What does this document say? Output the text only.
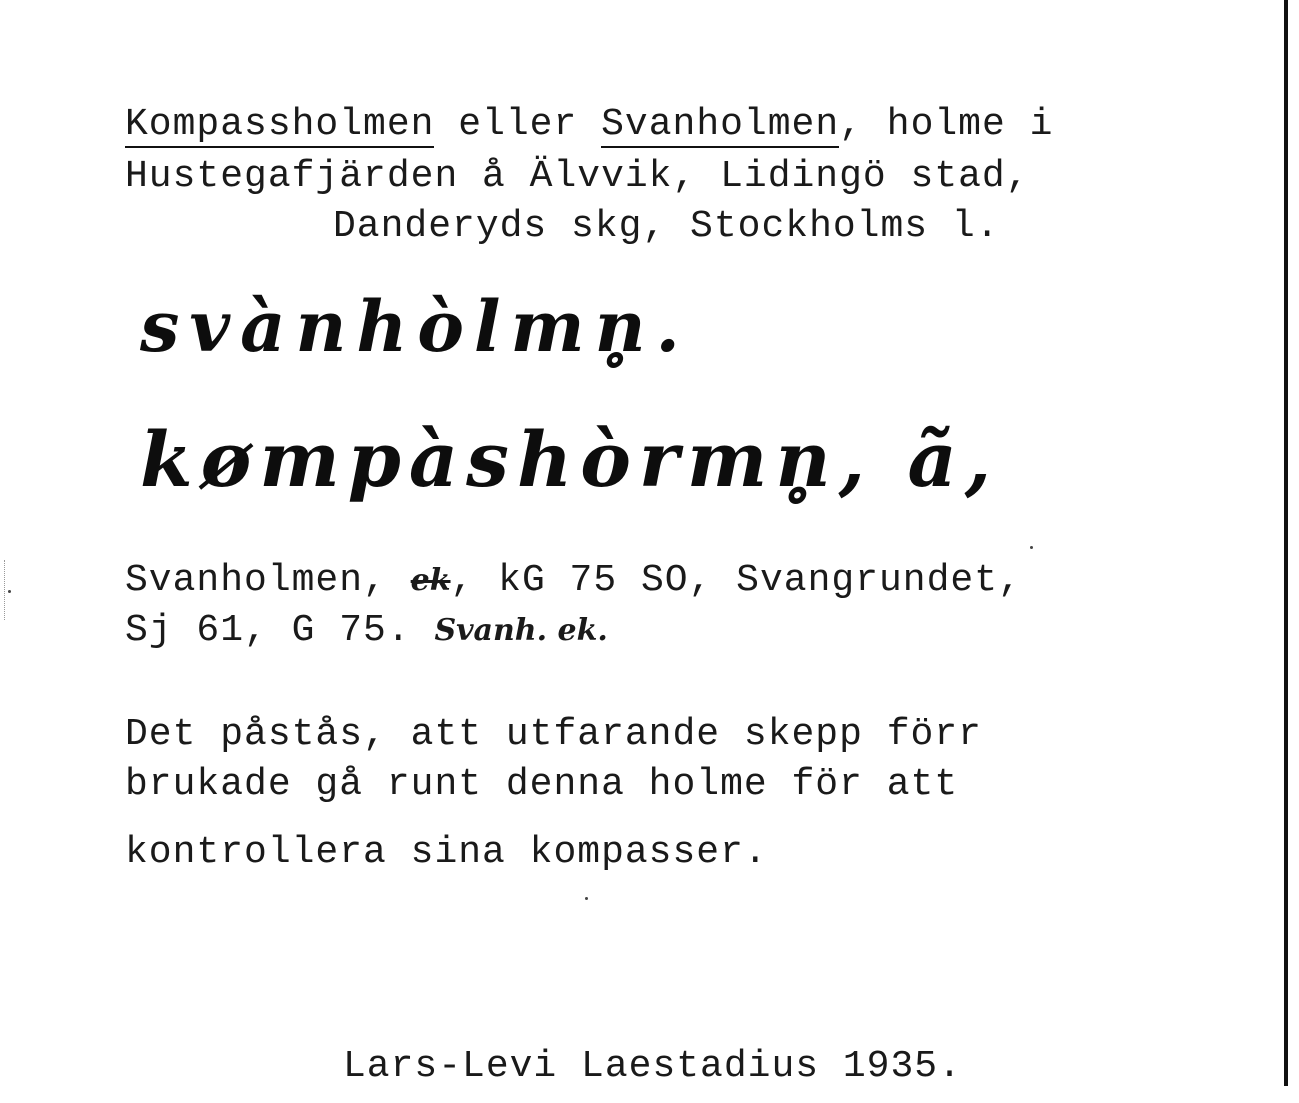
Kompassholmen eller Svanholmen, holme i
Hustegafjärden å Älvvik, Lidingö stad,
Danderyds skg, Stockholms l.
svànhòlmn̥.
kømpàshòrmn̥, ã,
Svanholmen, ek, kG 75 SO, Svangrundet,
Sj 61, G 75. Svanh. ek.
Det påstås, att utfarande skepp förr
brukade gå runt denna holme för att
kontrollera sina kompasser.
Lars-Levi Laestadius 1935.
